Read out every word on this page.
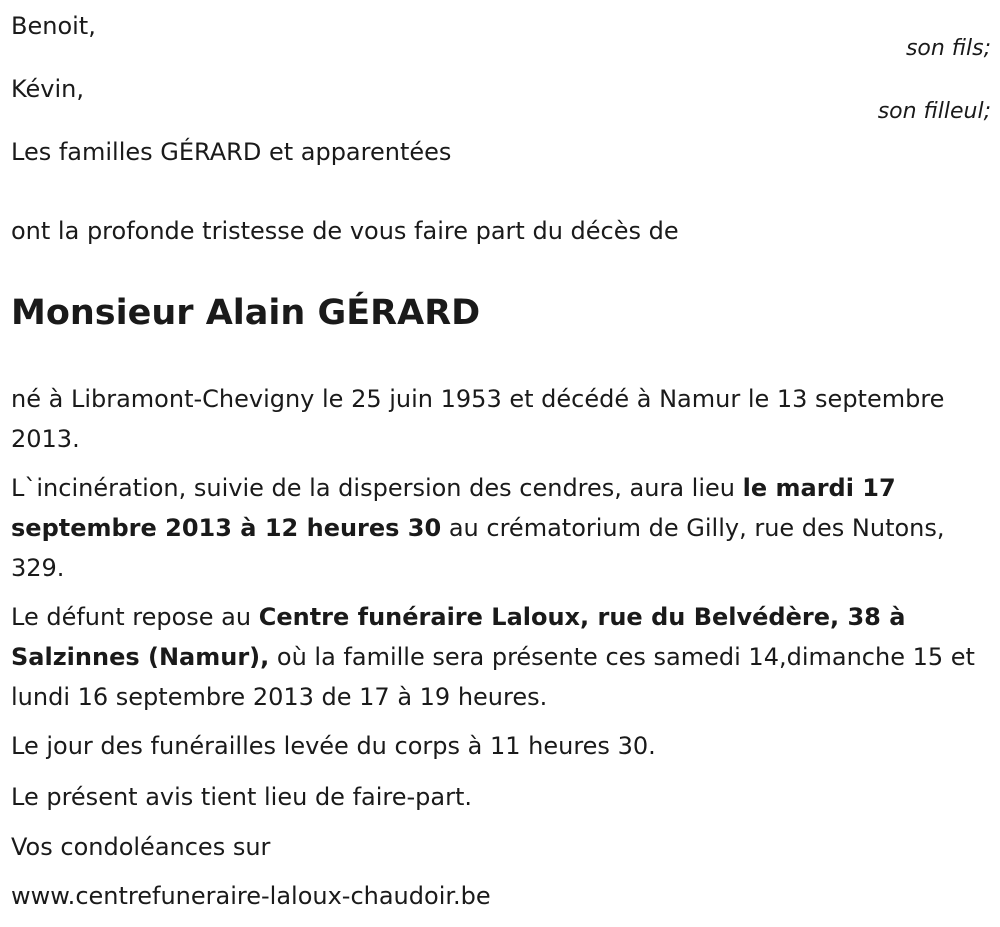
Benoit,
son fils;
Kévin,
son filleul;
Les familles GÉRARD et apparentées
ont la profonde tristesse de vous faire part du décès de
Monsieur Alain GÉRARD
né à Libramont-Chevigny le 25 juin 1953 et décédé à Namur le 13 septembre 2013.
L`incinération, suivie de la dispersion des cendres, aura lieu le mardi 17 septembre 2013 à 12 heures 30 au crématorium de Gilly, rue des Nutons, 329.
Le défunt repose au Centre funéraire Laloux, rue du Belvédère, 38 à Salzinnes (Namur), où la famille sera présente ces samedi 14,dimanche 15 et lundi 16 septembre 2013 de 17 à 19 heures.
Le jour des funérailles levée du corps à 11 heures 30.
Le présent avis tient lieu de faire-part.
Vos condoléances sur
www.centrefuneraire-laloux-chaudoir.be
